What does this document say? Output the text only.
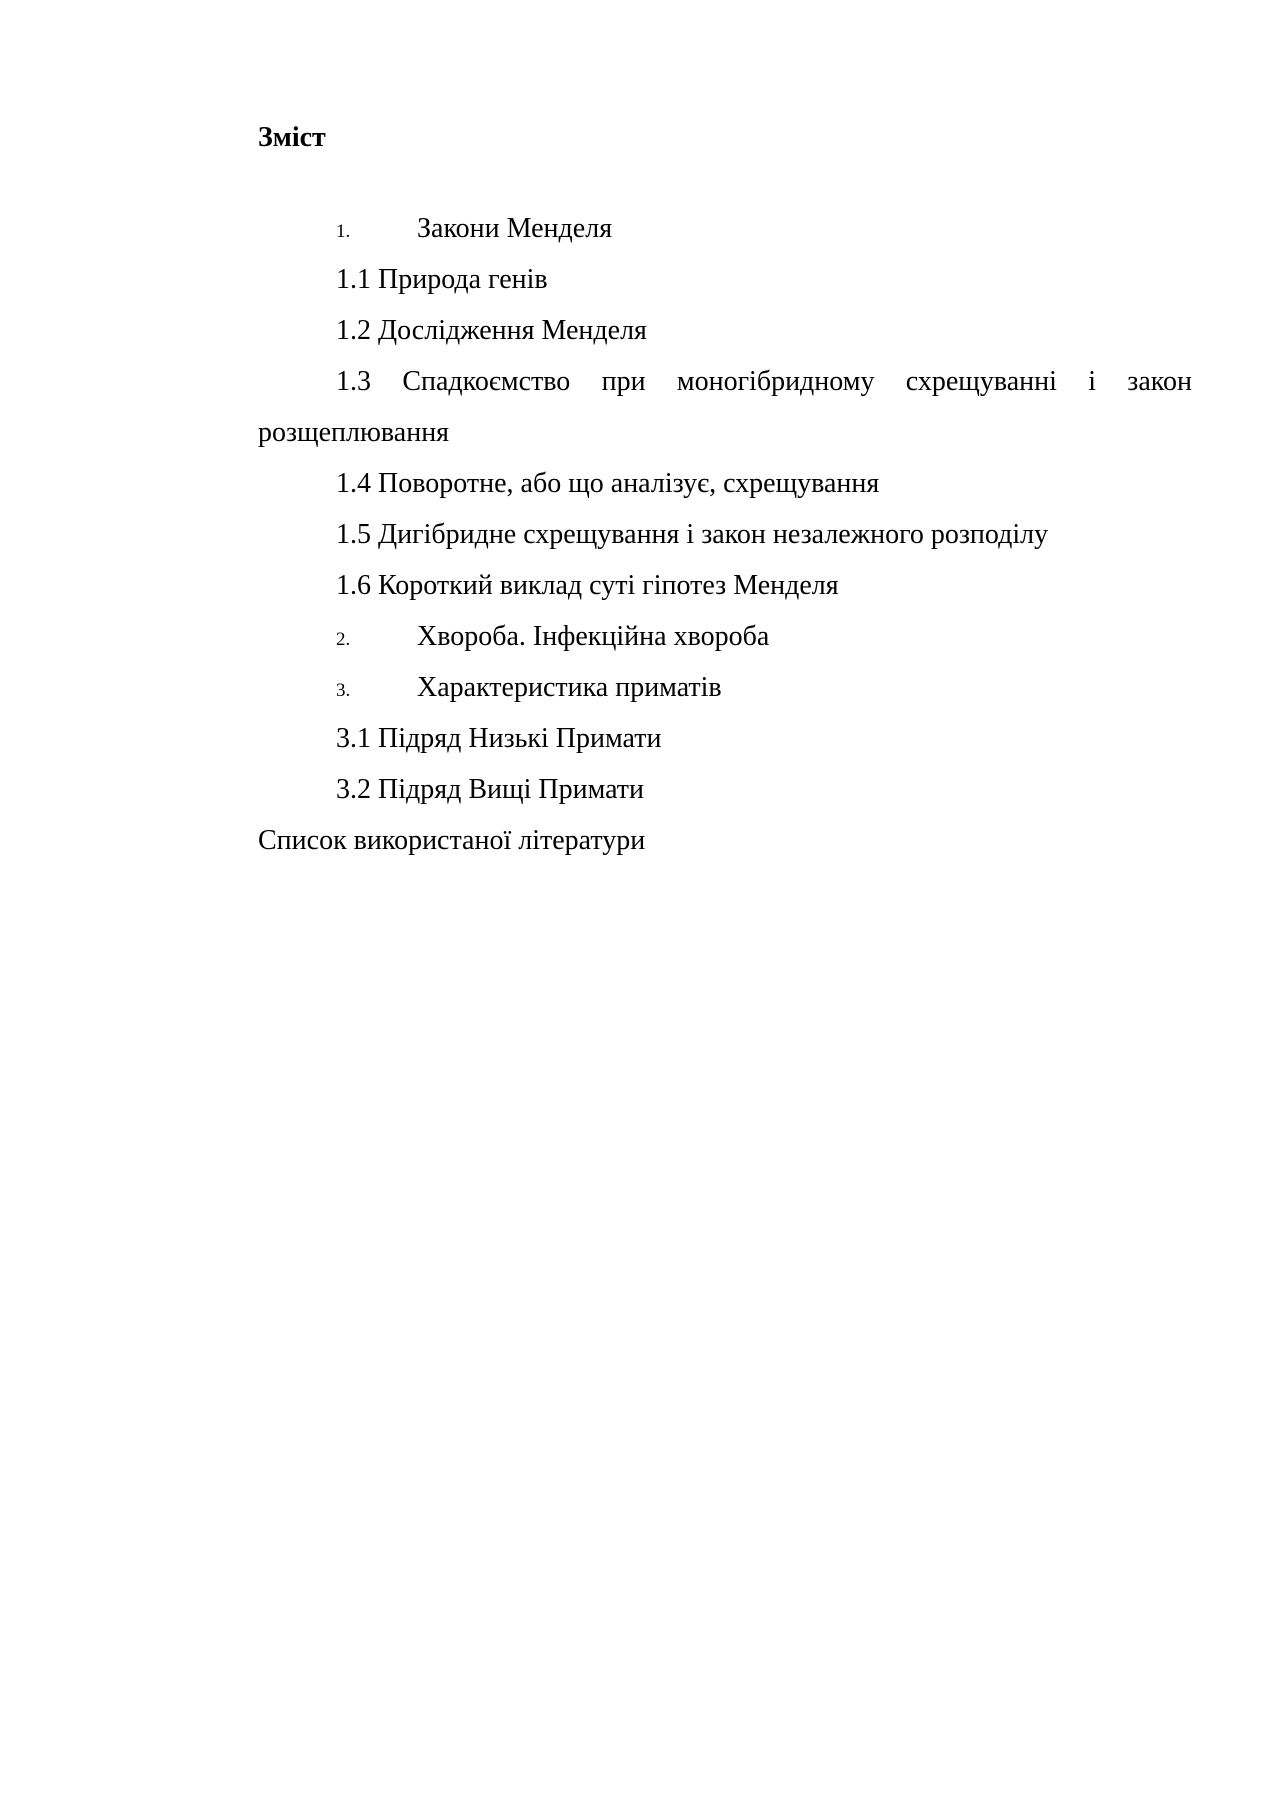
Зміст
1. Закони Менделя
1.1 Природа генів
1.2 Дослідження Менделя
1.3 Спадкоємство при моногібридному схрещуванні і закон
розщеплювання
1.4 Поворотне, або що аналізує, схрещування
1.5 Дигібридне схрещування і закон незалежного розподілу
1.6 Короткий виклад суті гіпотез Менделя
2. Хвороба. Інфекційна хвороба
3. Характеристика приматів
3.1 Підряд Низькі Примати
3.2 Підряд Вищі Примати
Список використаної літератури
